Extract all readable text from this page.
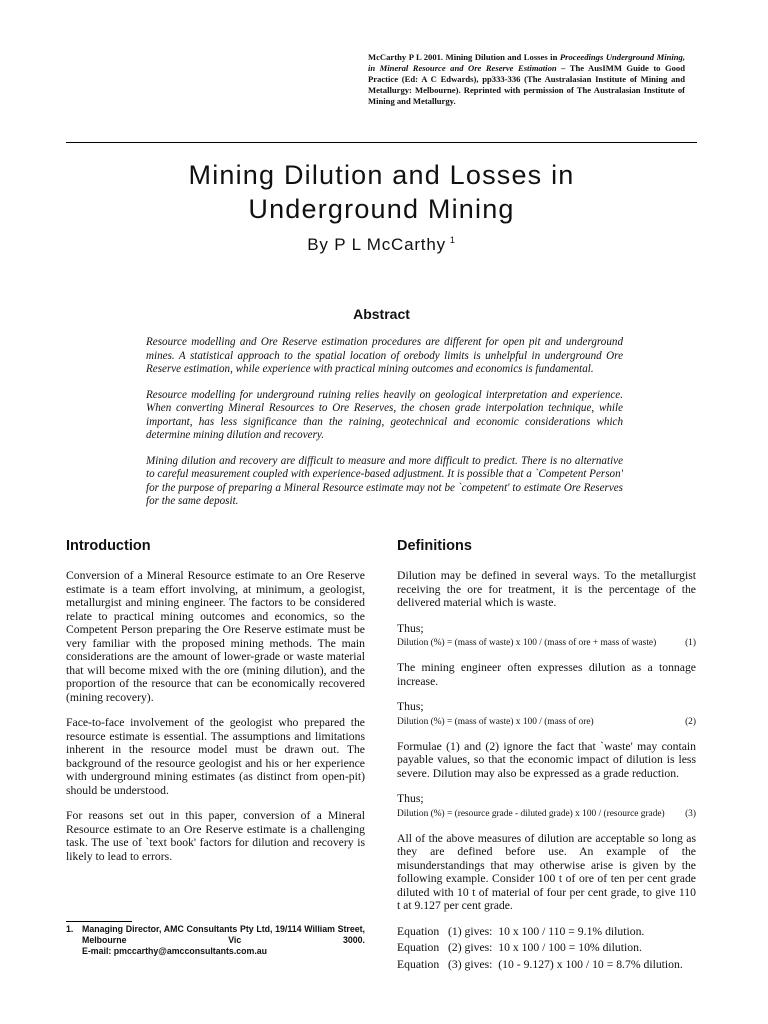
McCarthy P L 2001. Mining Dilution and Losses in Proceedings Underground Mining, in Mineral Resource and Ore Reserve Estimation – The AusIMM Guide to Good Practice (Ed: A C Edwards), pp333-336 (The Australasian Institute of Mining and Metallurgy: Melbourne). Reprinted with permission of The Australasian Institute of Mining and Metallurgy.
Mining Dilution and Losses in
Underground Mining
By P L McCarthy $^1$
Abstract

Resource modelling and Ore Reserve estimation procedures are different for open pit and underground mines. A statistical approach to the spatial location of orebody limits is unhelpful in underground Ore Reserve estimation, while experience with practical mining outcomes and economics is fundamental.

Resource modelling for underground ruining relies heavily on geological interpretation and experience. When converting Mineral Resources to Ore Reserves, the chosen grade interpolation technique, while important, has less significance than the raining, geotechnical and economic considerations which determine mining dilution and recovery.

Mining dilution and recovery are difficult to measure and more difficult to predict. There is no alternative to careful measurement coupled with experience-based adjustment. It is possible that a `Competent Person' for the purpose of preparing a Mineral Resource estimate may not be `competent' to estimate Ore Reserves for the same deposit.

Introduction

Conversion of a Mineral Resource estimate to an Ore Reserve estimate is a team effort involving, at minimum, a geologist, metallurgist and mining engineer. The factors to be considered relate to practical mining outcomes and economics, so the Competent Person preparing the Ore Reserve estimate must be very familiar with the proposed mining methods. The main considerations are the amount of lower-grade or waste material that will become mixed with the ore (mining dilution), and the proportion of the resource that can be economically recovered (mining recovery).

Face-to-face involvement of the geologist who prepared the resource estimate is essential. The assumptions and limitations inherent in the resource model must be drawn out. The background of the resource geologist and his or her experience with underground mining estimates (as distinct from open-pit) should be understood.

For reasons set out in this paper, conversion of a Mineral Resource estimate to an Ore Reserve estimate is a challenging task. The use of `text book' factors for dilution and recovery is likely to lead to errors.

Definitions

Dilution may be defined in several ways. To the metallurgist receiving the ore for treatment, it is the percentage of the delivered material which is waste.

Thus;

Dilution (%) = (mass of waste) x 100 / (mass of ore + mass of waste)	(1)

The mining engineer often expresses dilution as a tonnage increase.

Thus;

Dilution (%) = (mass of waste) x 100 / (mass of ore)	(2)

Formulae (1) and (2) ignore the fact that `waste' may contain payable values, so that the economic impact of dilution is less severe. Dilution may also be expressed as a grade reduction.

Thus;

Dilution (%) = (resource grade - diluted grade) x 100 / (resource grade) (3)

All of the above measures of dilution are acceptable so long as they are defined before use. An example of the misunderstandings that may otherwise arise is given by the following example. Consider 100 t of ore of ten per cent grade diluted with 10 t of material of four per cent grade, to give 110 t at 9.127 per cent grade.

Equation   (1) gives:  10 x 100 / 110 = 9.1% dilution.

Equation   (2) gives:  10 x 100 / 100 = 10% dilution.

Equation   (3) gives:  (10 - 9.127) x 100 / 10 = 8.7% dilution.

1. Managing Director, AMC Consultants Pty Ltd, 19/114 William Street, Melbourne Vic 3000.
E-mail: pmccarthy@amcconsultants.com.au
